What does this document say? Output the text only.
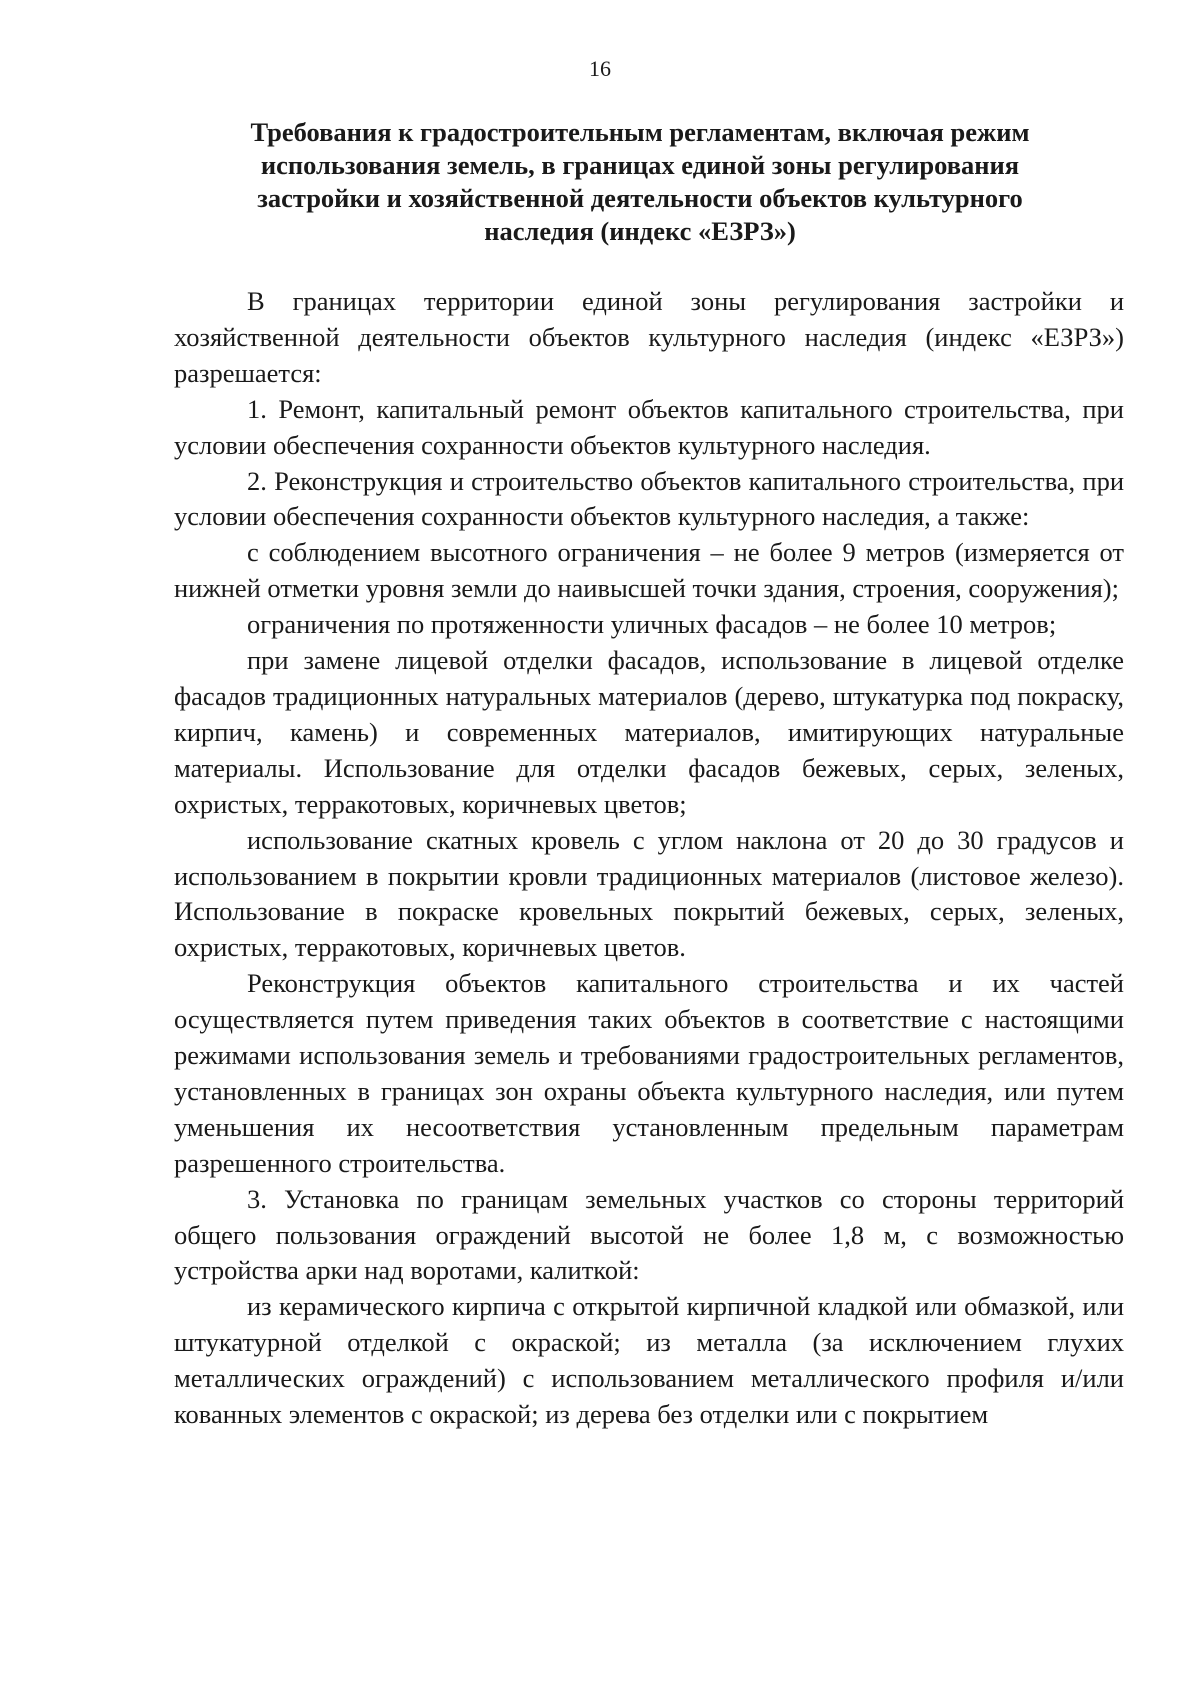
16
Требования к градостроительным регламентам, включая режим
использования земель, в границах единой зоны регулирования
застройки и хозяйственной деятельности объектов культурного
наследия (индекс «ЕЗРЗ»)

В границах территории единой зоны регулирования застройки и хозяйственной деятельности объектов культурного наследия (индекс «ЕЗРЗ») разрешается:

1. Ремонт, капитальный ремонт объектов капитального строительства, при условии обеспечения сохранности объектов культурного наследия.

2. Реконструкция и строительство объектов капитального строительства, при условии обеспечения сохранности объектов культурного наследия, а также:

с соблюдением высотного ограничения – не более 9 метров (измеряется от нижней отметки уровня земли до наивысшей точки здания, строения, сооружения);

ограничения по протяженности уличных фасадов – не более 10 метров;

при замене лицевой отделки фасадов, использование в лицевой отделке фасадов традиционных натуральных материалов (дерево, штукатурка под покраску, кирпич, камень) и современных материалов, имитирующих натуральные материалы. Использование для отделки фасадов бежевых, серых, зеленых, охристых, терракотовых, коричневых цветов;

использование скатных кровель с углом наклона от 20 до 30 градусов и использованием в покрытии кровли традиционных материалов (листовое железо). Использование в покраске кровельных покрытий бежевых, серых, зеленых, охристых, терракотовых, коричневых цветов.

Реконструкция объектов капитального строительства и их частей осуществляется путем приведения таких объектов в соответствие с настоящими режимами использования земель и требованиями градостроительных регламентов, установленных в границах зон охраны объекта культурного наследия, или путем уменьшения их несоответствия установленным предельным параметрам разрешенного строительства.

3. Установка по границам земельных участков со стороны территорий общего пользования ограждений высотой не более 1,8 м, с возможностью устройства арки над воротами, калиткой:

из керамического кирпича с открытой кирпичной кладкой или обмазкой, или штукатурной отделкой с окраской; из металла (за исключением глухих металлических ограждений) с использованием металлического профиля и/или кованных элементов с окраской; из дерева без отделки или с покрытием
